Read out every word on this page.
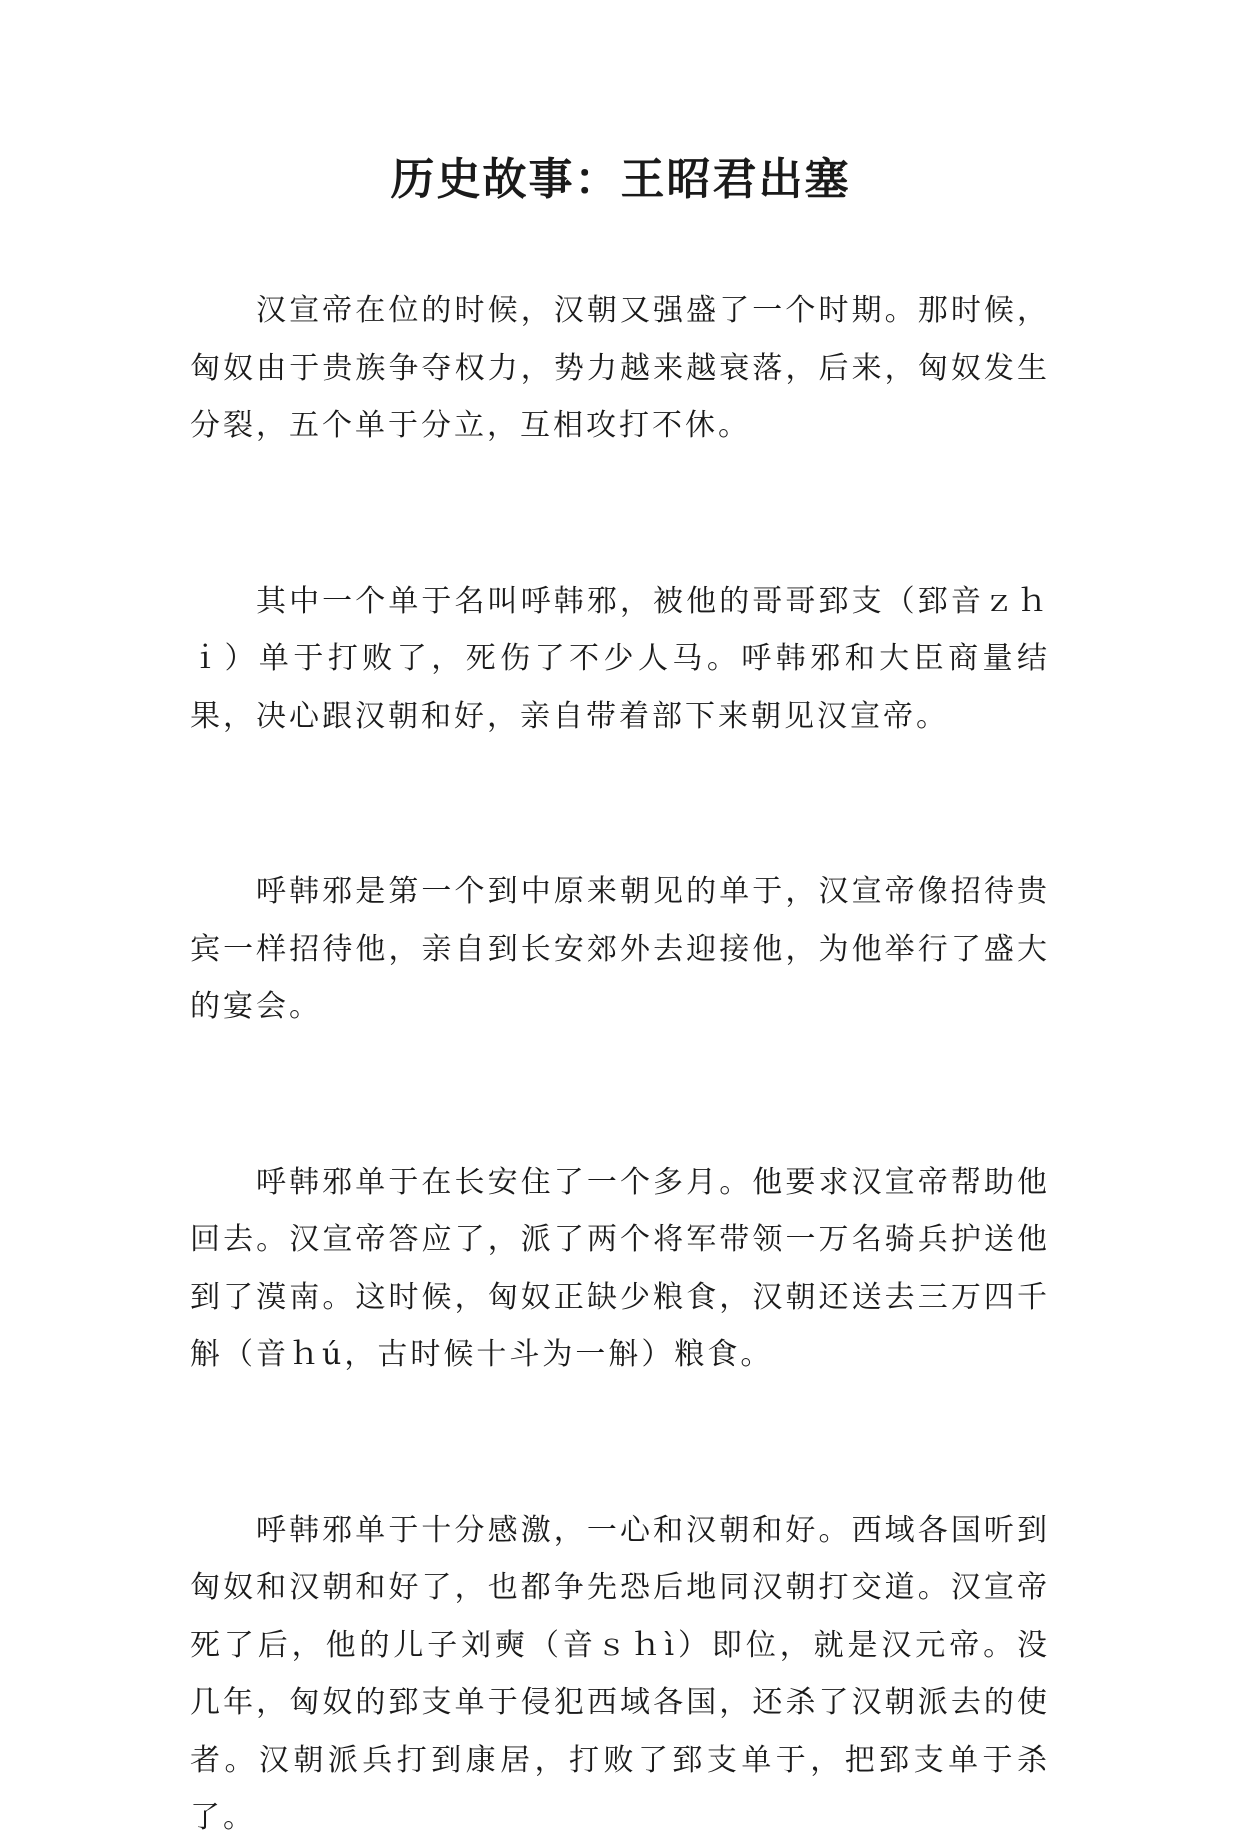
历史故事：王昭君出塞

汉宣帝在位的时候，汉朝又强盛了一个时期。那时候，匈奴由于贵族争夺权力，势力越来越衰落，后来，匈奴发生分裂，五个单于分立，互相攻打不休。

其中一个单于名叫呼韩邪，被他的哥哥郅支（郅音ｚｈｉ）单于打败了，死伤了不少人马。呼韩邪和大臣商量结果，决心跟汉朝和好，亲自带着部下来朝见汉宣帝。

呼韩邪是第一个到中原来朝见的单于，汉宣帝像招待贵宾一样招待他，亲自到长安郊外去迎接他，为他举行了盛大的宴会。

呼韩邪单于在长安住了一个多月。他要求汉宣帝帮助他回去。汉宣帝答应了，派了两个将军带领一万名骑兵护送他到了漠南。这时候，匈奴正缺少粮食，汉朝还送去三万四千斛（音ｈú，古时候十斗为一斛）粮食。

呼韩邪单于十分感激，一心和汉朝和好。西域各国听到匈奴和汉朝和好了，也都争先恐后地同汉朝打交道。汉宣帝死了后，他的儿子刘奭（音ｓｈì）即位，就是汉元帝。没几年，匈奴的郅支单于侵犯西域各国，还杀了汉朝派去的使者。汉朝派兵打到康居，打败了郅支单于，把郅支单于杀了。
